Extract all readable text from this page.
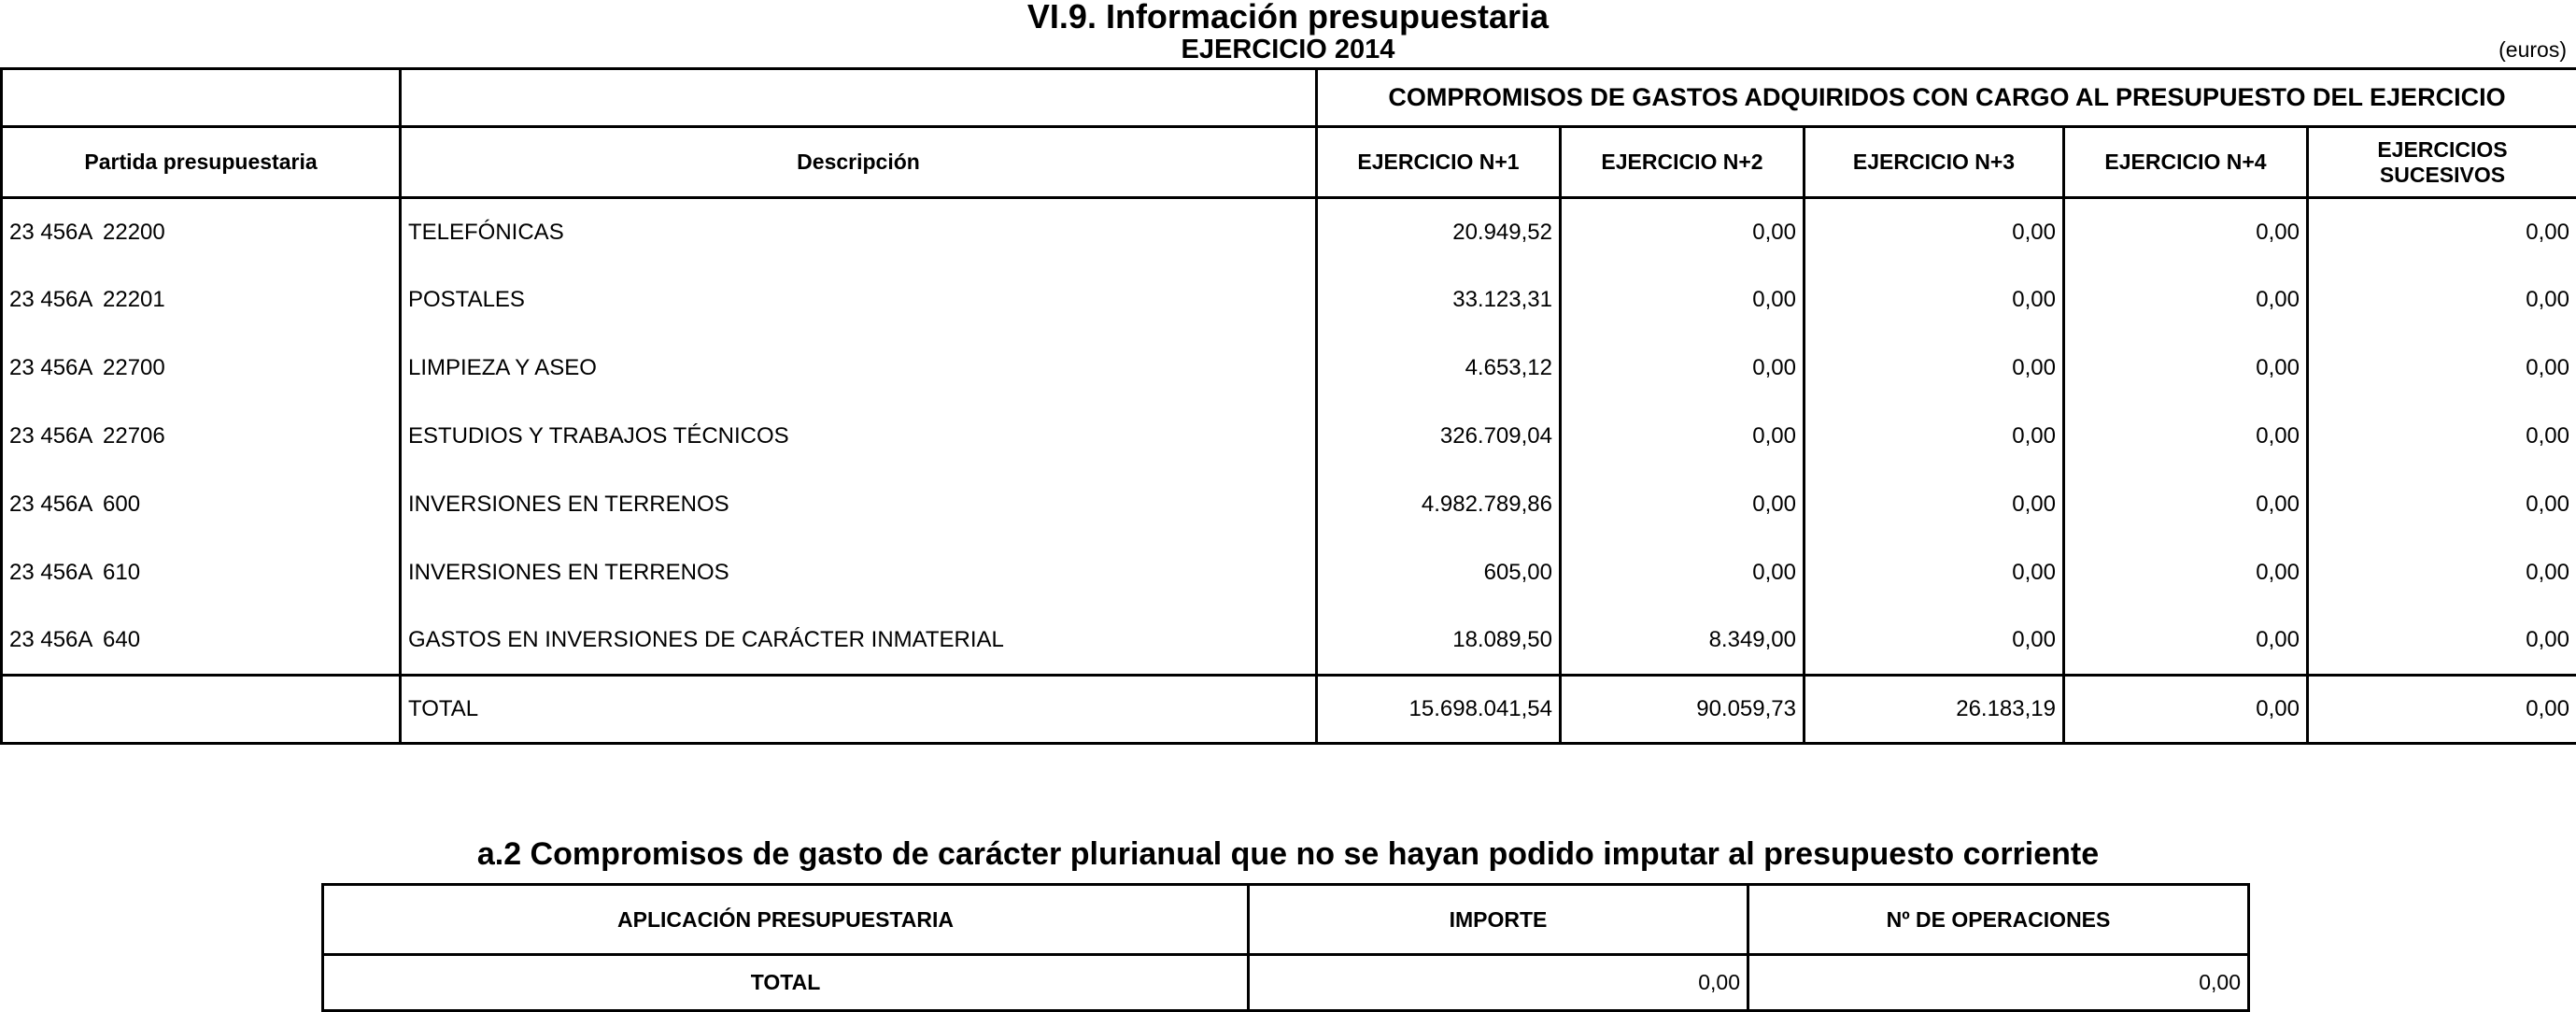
VI.9. Información presupuestaria
EJERCICIO 2014	(euros)
		COMPROMISOS DE GASTOS ADQUIRIDOS CON CARGO AL PRESUPUESTO DEL EJERCICIO				
Partida presupuestaria	Descripción	EJERCICIO N+1	EJERCICIO N+2	EJERCICIO N+3	EJERCICIO N+4	EJERCICIOS SUCESIVOS
23 456A 22200	TELEFÓNICAS	20.949,52	0,00	0,00	0,00	0,00
23 456A 22201	POSTALES	33.123,31	0,00	0,00	0,00	0,00
23 456A 22700	LIMPIEZA Y ASEO	4.653,12	0,00	0,00	0,00	0,00
23 456A 22706	ESTUDIOS Y TRABAJOS TÉCNICOS	326.709,04	0,00	0,00	0,00	0,00
23 456A 600	INVERSIONES EN TERRENOS	4.982.789,86	0,00	0,00	0,00	0,00
23 456A 610	INVERSIONES EN TERRENOS	605,00	0,00	0,00	0,00	0,00
23 456A 640	GASTOS EN INVERSIONES DE CARÁCTER INMATERIAL	18.089,50	8.349,00	0,00	0,00	0,00
	TOTAL	15.698.041,54	90.059,73	26.183,19	0,00	0,00
a.2 Compromisos de gasto de carácter plurianual que no se hayan podido imputar al presupuesto corriente
APLICACIÓN PRESUPUESTARIA	IMPORTE	Nº DE OPERACIONES
TOTAL	0,00	0,00
